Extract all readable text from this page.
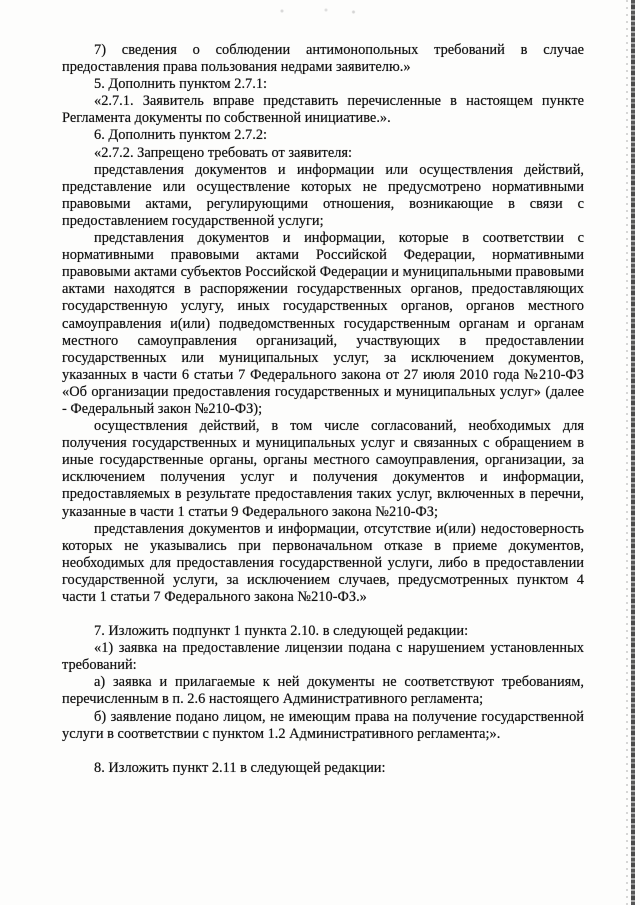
7) сведения о соблюдении антимонопольных требований в случае предоставления права пользования недрами заявителю.»

5. Дополнить пунктом 2.7.1:

«2.7.1. Заявитель вправе представить перечисленные в настоящем пункте Регламента документы по собственной инициативе.».

6. Дополнить пунктом 2.7.2:

«2.7.2. Запрещено требовать от заявителя:

представления документов и информации или осуществления действий, представление или осуществление которых не предусмотрено нормативными правовыми актами, регулирующими отношения, возникающие в связи с предоставлением государственной услуги;

представления документов и информации, которые в соответствии с нормативными правовыми актами Российской Федерации, нормативными правовыми актами субъектов Российской Федерации и муниципальными правовыми актами находятся в распоряжении государственных органов, предоставляющих государственную услугу, иных государственных органов, органов местного самоуправления и(или) подведомственных государственным органам и органам местного самоуправления организаций, участвующих в предоставлении государственных или муниципальных услуг, за исключением документов, указанных в части 6 статьи 7 Федерального закона от 27 июля 2010 года №210-ФЗ «Об организации предоставления государственных и муниципальных услуг» (далее - Федеральный закон №210-ФЗ);

осуществления действий, в том числе согласований, необходимых для получения государственных и муниципальных услуг и связанных с обращением в иные государственные органы, органы местного самоуправления, организации, за исключением получения услуг и получения документов и информации, предоставляемых в результате предоставления таких услуг, включенных в перечни, указанные в части 1 статьи 9 Федерального закона №210-ФЗ;

представления документов и информации, отсутствие и(или) недостоверность которых не указывались при первоначальном отказе в приеме документов, необходимых для предоставления государственной услуги, либо в предоставлении государственной услуги, за исключением случаев, предусмотренных пунктом 4 части 1 статьи 7 Федерального закона №210-ФЗ.»

7. Изложить подпункт 1 пункта 2.10. в следующей редакции:

«1) заявка на предоставление лицензии подана с нарушением установленных требований:

а) заявка и прилагаемые к ней документы не соответствуют требованиям, перечисленным в п. 2.6 настоящего Административного регламента;

б) заявление подано лицом, не имеющим права на получение государственной услуги в соответствии с пунктом 1.2 Административного регламента;».

8. Изложить пункт 2.11 в следующей редакции:
